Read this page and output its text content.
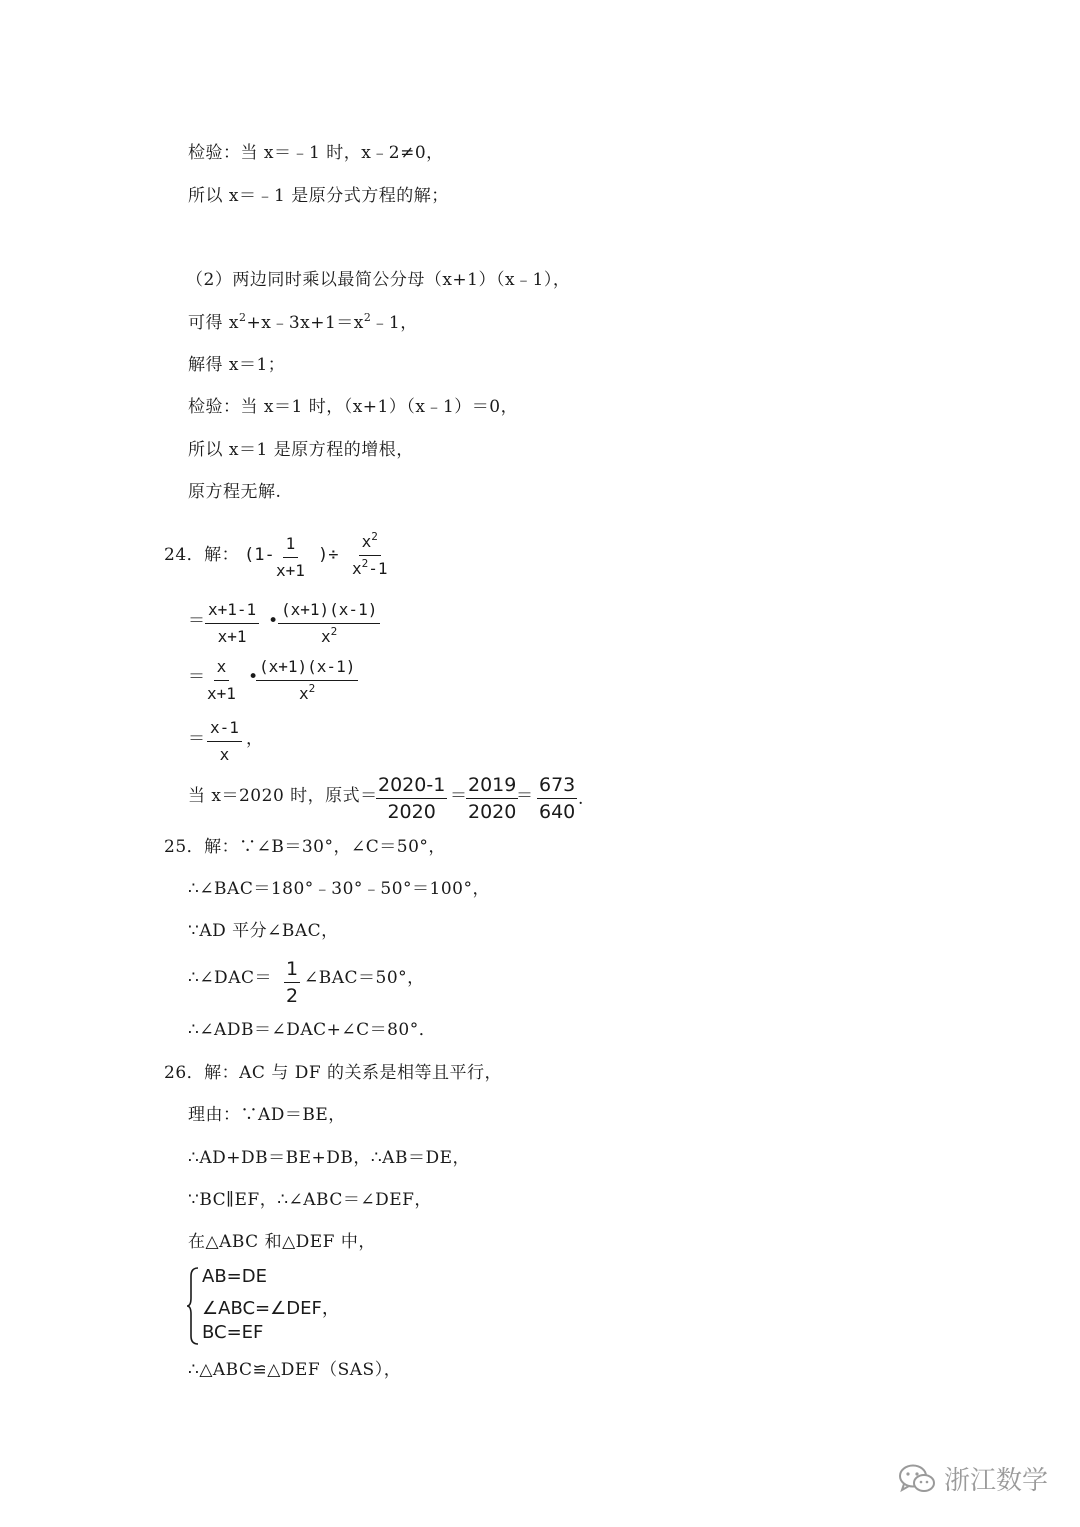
检验：当 x＝﹣1 时，x﹣2≠0，
所以 x＝﹣1 是原分式方程的解；
（2）两边同时乘以最简公分母（x+1）（x﹣1），
可得 $x^2+x﹣3x+1=x^2﹣1$，
解得 x＝1；
检验：当 x＝1 时，（x+1）（x﹣1）＝0，
所以 x＝1 是原方程的增根，
原方程无解.
24．解： ($1- \frac{1}{x+1}$ )÷ $\frac{x^2}{x^2-1}$
＝ $\frac{x+1-1}{x+1}$ • $\frac{(x+1)(x-1)}{x^2}$
＝ $\frac{x}{x+1}$ •
$\frac{(x+1)(x-1)}{x^2}$
＝ $\frac{x-1}{x}$ ，
当 x＝2020 时，原式＝
$\frac{2020-1}{2020} = \frac{2019}{2020}$
＝ $\frac{673}{640}$ .
25．解：∵∠B＝30°，∠C＝50°，
∴∠BAC＝180°﹣30°﹣50°＝100°，
∵AD 平分∠BAC，
∴∠DAC＝ $\frac{1}{2}$ ∠BAC＝50°，
∴∠ADB＝∠DAC+∠C＝80°．
26．解：AC 与 DF 的关系是相等且平行，
理由：∵AD＝BE，
∴AD+DB＝BE+DB，∴AB＝DE，
∵BC∥EF，∴∠ABC＝∠DEF，
在△ABC 和△DEF 中，
AB=DE
∠ABC=∠DEF，
BC=EF
∴△ABC≌△DEF（SAS），
浙江数学
